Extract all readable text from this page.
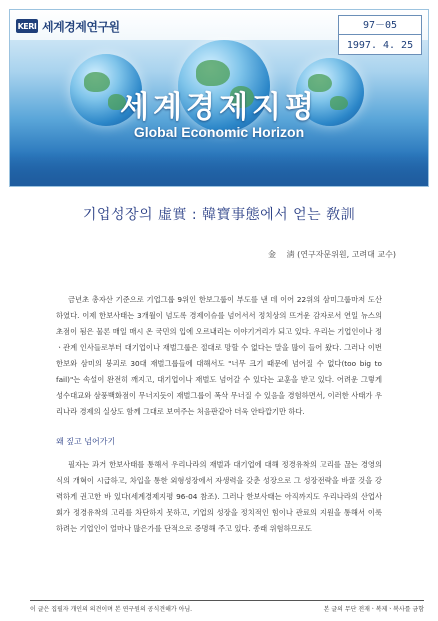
KERI 세계경제연구원	97－05
1997. 4. 25
세계경제지평
Global Economic Horizon
기업성장의 虛實 : 韓寶事態에서 얻는 敎訓
金 　淸 (연구자문위원, 고려대 교수)

금년초 총자산 기준으로 기업그룹 9위인 한보그룹이 부도를 낸 데 이어 22위의 삼미그룹마저 도산하였다. 이제 한보사태는 3개월이 넘도록 경제이슈를 넘어서서 정치상의 뜨거운 감자로서 연일 뉴스의 초점이 됨은 물론 매일 매시 온 국민의 입에 오르내리는 이야기거리가 되고 있다. 우리는 기업인이나 정ㆍ관계 인사들로부터 대기업이나 재벌그룹은 절대로 망할 수 없다는 말을 많이 들어 왔다. 그러나 이번 한보와 삼미의 붕괴로 30대 재벌그룹들에 대해서도 "너무 크기 때문에 넘어질 수 없다(too big to fail)"는 속설이 완전히 깨지고, 대기업이나 재벌도 넘어갈 수 있다는 교훈을 받고 있다. 어려운 그렇게 성수대교와 삼풍백화점이 무너지듯이 재벌그룹이 폭삭 무너질 수 있음을 경험하면서, 이러한 사태가 우리나라 경제의 실상도 함께 그대로 보여주는 처음판같아 더욱 안타깝기만 하다.

왜 짚고 넘어가기

필자는 과거 한보사태를 통해서 우리나라의 재벌과 대기업에 대해 정경유착의 고리를 끊는 경영의식의 개혁이 시급하고, 차입을 통한 외형성장에서 자생력을 갖춘 성장으로 그 성장전략을 바꿀 것을 강력하게 권고한 바 있다(세계경제지평 96-04 참조). 그러나 한보사태는 아직까지도 우리나라의 산업사회가 정경유착의 고리를 차단하지 못하고, 기업의 성장을 정치적인 힘이나 관료의 지원을 통해서 이룩하려는 기업인이 얼마나 많은가를 단적으로 증명해 주고 있다. 종래 위험하므로도

이 글은 집필자 개인의 의견이며 본 연구원의 공식견해가 아님.	본 글의 무단 전재ㆍ복제ㆍ복사를 금함
